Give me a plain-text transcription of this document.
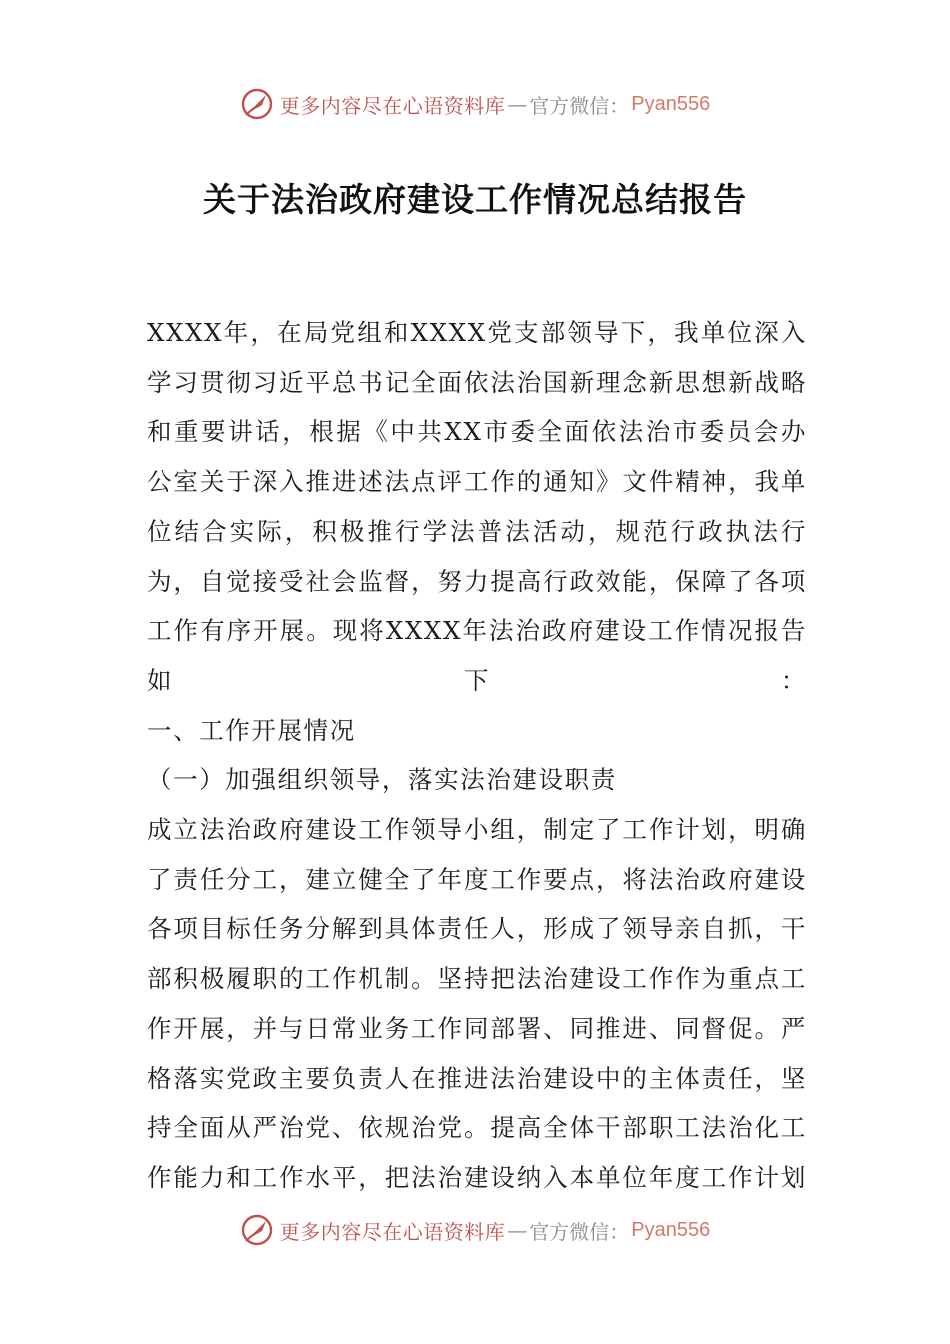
更多内容尽在心语资料库 — 官方微信： Pyan556
关于法治政府建设工作情况总结报告

XXXX年，在局党组和XXXX党支部领导下，我单位深入学习贯彻习近平总书记全面依法治国新理念新思想新战略和重要讲话，根据《中共XX市委全面依法治市委员会办公室关于深入推进述法点评工作的通知》文件精神，我单位结合实际，积极推行学法普法活动，规范行政执法行为，自觉接受社会监督，努力提高行政效能，保障了各项工作有序开展。现将XXXX年法治政府建设工作情况报告如下：

一、工作开展情况

（一）加强组织领导，落实法治建设职责

成立法治政府建设工作领导小组，制定了工作计划，明确了责任分工，建立健全了年度工作要点，将法治政府建设各项目标任务分解到具体责任人，形成了领导亲自抓，干部积极履职的工作机制。坚持把法治建设工作作为重点工作开展，并与日常业务工作同部署、同推进、同督促。严格落实党政主要负责人在推进法治建设中的主体责任，坚持全面从严治党、依规治党。提高全体干部职工法治化工作能力和工作水平，把法治建设纳入本单位年度工作计划

更多内容尽在心语资料库 — 官方微信： Pyan556
